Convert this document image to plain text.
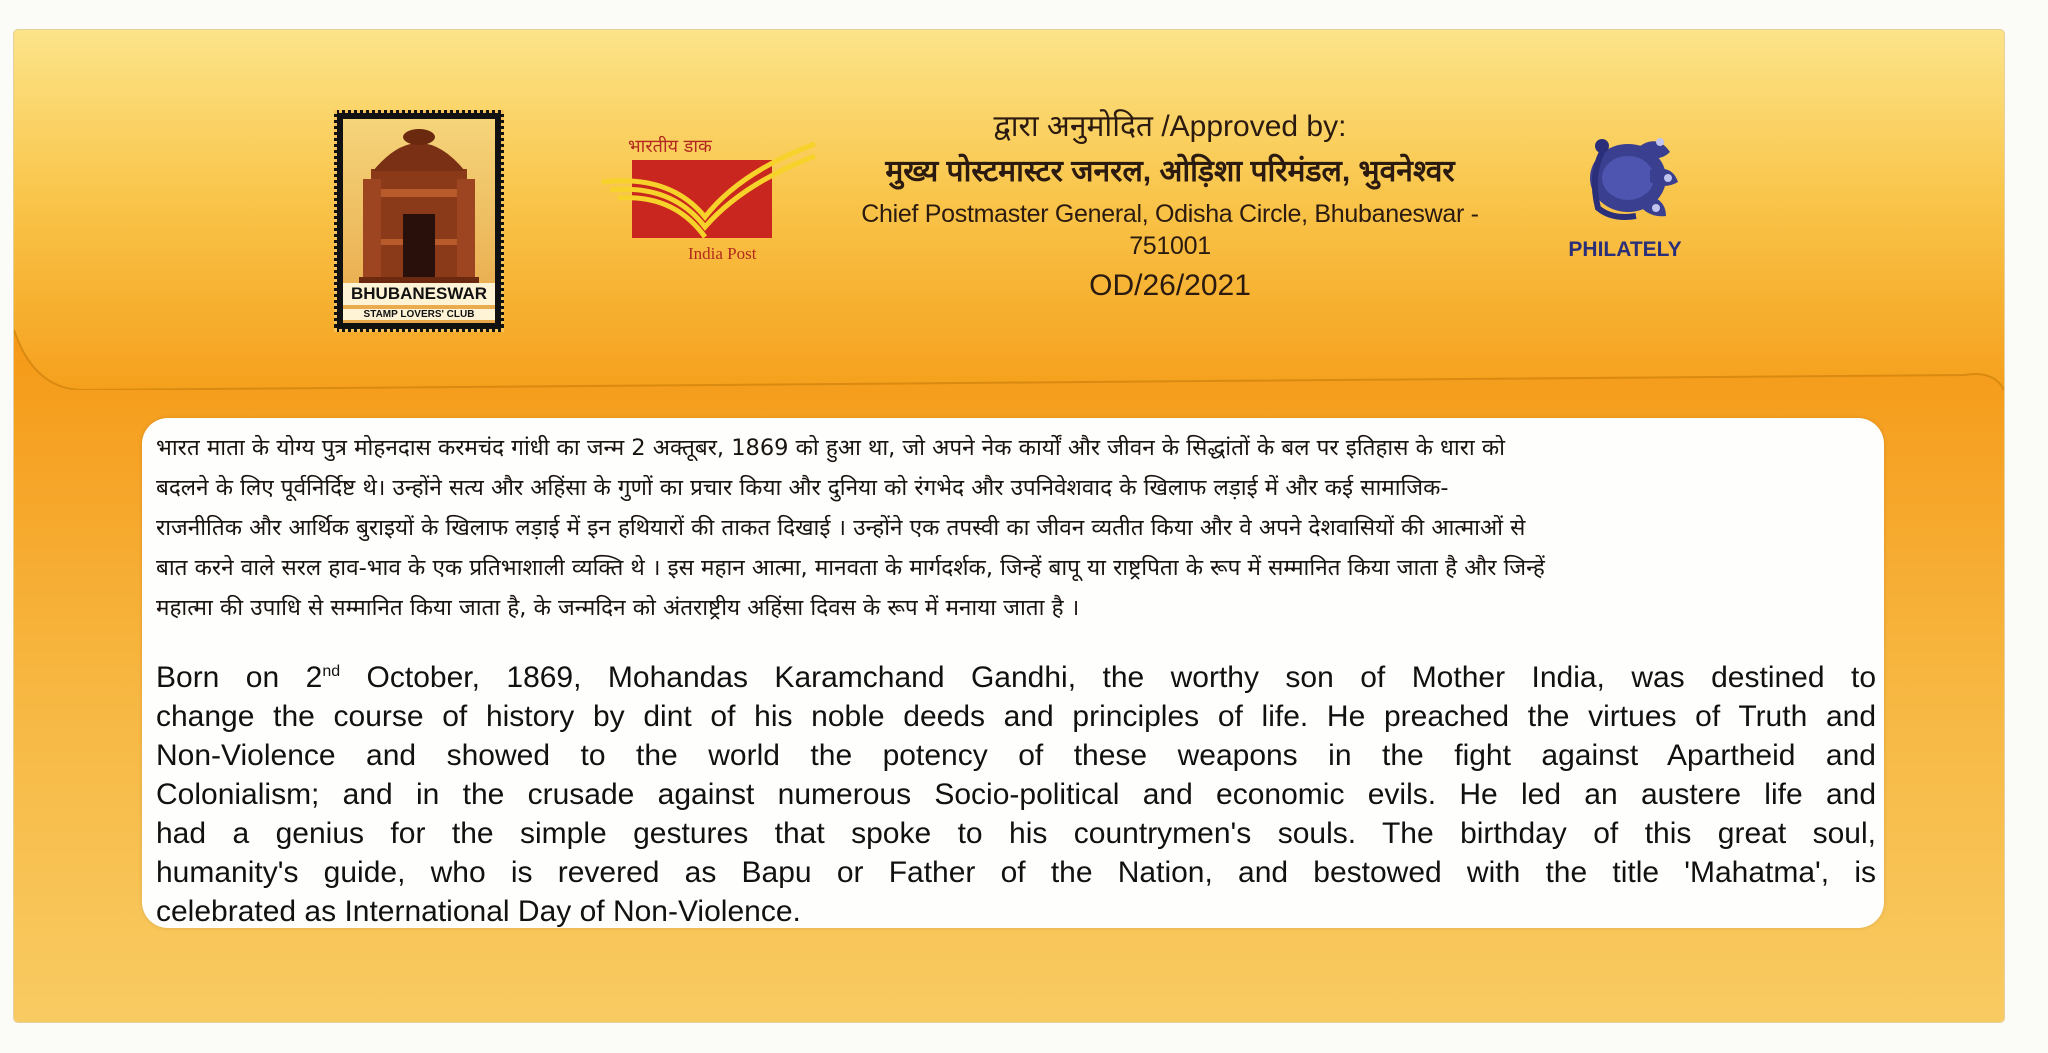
BHUBANESWAR
STAMP LOVERS' CLUB
भारतीय डाक
India Post
द्वारा अनुमोदित /Approved by:
मुख्य पोस्टमास्टर जनरल, ओड़िशा परिमंडल, भुवनेश्वर
Chief Postmaster General, Odisha Circle, Bhubaneswar - 751001
OD/26/2021
PHILATELY
भारत माता के योग्य पुत्र मोहनदास करमचंद गांधी का जन्म 2 अक्तूबर, 1869 को हुआ था, जो अपने नेक कार्यों और जीवन के सिद्धांतों के बल पर इतिहास के धारा को
बदलने के लिए पूर्वनिर्दिष्ट थे। उन्होंने सत्य और अहिंसा के गुणों का प्रचार किया और दुनिया को रंगभेद और उपनिवेशवाद के खिलाफ लड़ाई में और कई सामाजिक-
राजनीतिक और आर्थिक बुराइयों के खिलाफ लड़ाई में इन हथियारों की ताकत दिखाई । उन्होंने एक तपस्वी का जीवन व्यतीत किया और वे अपने देशवासियों की आत्माओं से
बात करने वाले सरल हाव-भाव के एक प्रतिभाशाली व्यक्ति थे । इस महान आत्मा, मानवता के मार्गदर्शक, जिन्हें बापू या राष्ट्रपिता के रूप में सम्मानित किया जाता है और जिन्हें
महात्मा की उपाधि से सम्मानित किया जाता है, के जन्मदिन को अंतराष्ट्रीय अहिंसा दिवस के रूप में मनाया जाता है ।
Born on 2nd October, 1869, Mohandas Karamchand Gandhi, the worthy son of Mother India, was destined to
change the course of history by dint of his noble deeds and principles of life. He preached the virtues of Truth and
Non-Violence and showed to the world the potency of these weapons in the fight against Apartheid and
Colonialism; and in the crusade against numerous Socio-political and economic evils. He led an austere life and
had a genius for the simple gestures that spoke to his countrymen's souls. The birthday of this great soul,
humanity's guide, who is revered as Bapu or Father of the Nation, and bestowed with the title 'Mahatma', is
celebrated as International Day of Non-Violence.
